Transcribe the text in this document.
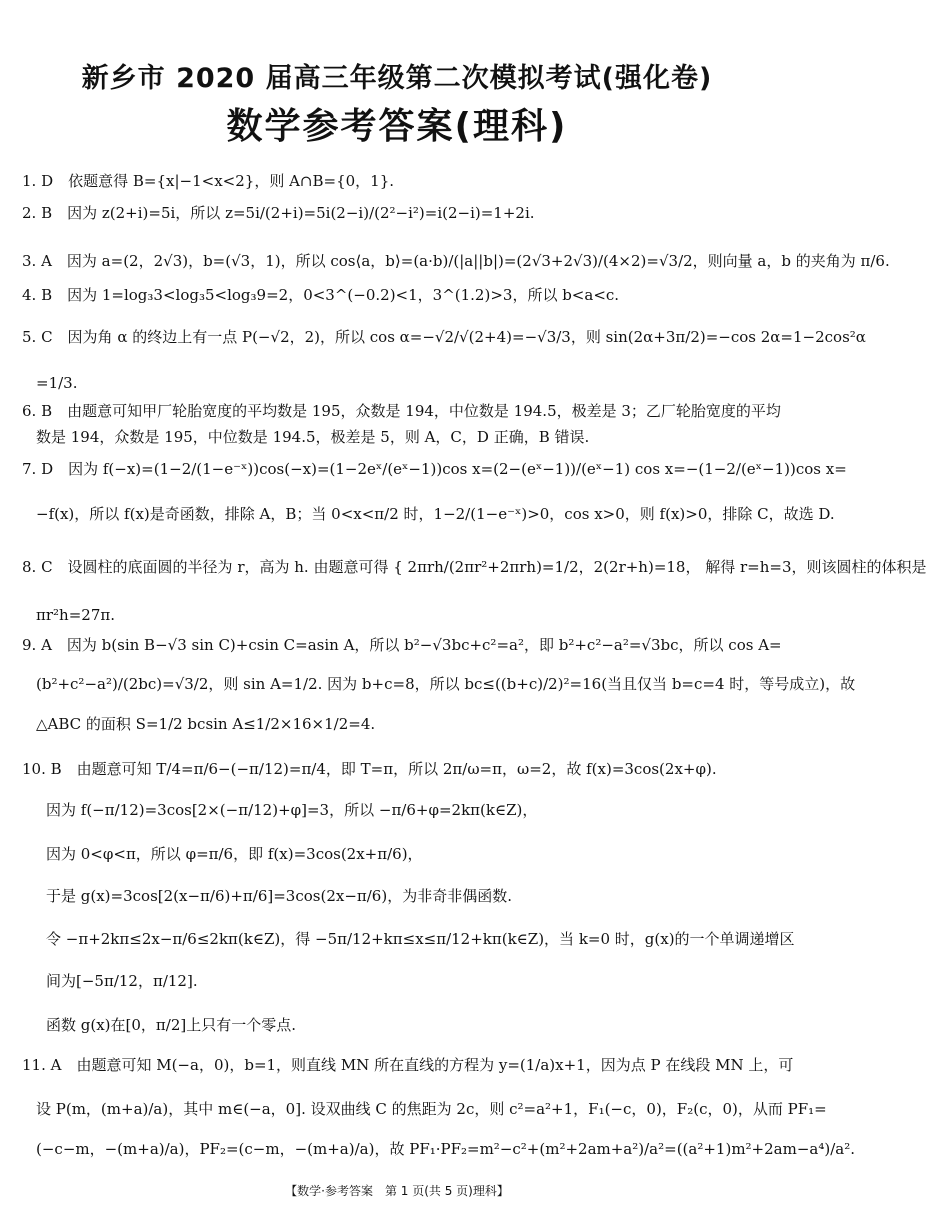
新乡市 2020 届高三年级第二次模拟考试(强化卷)
数学参考答案(理科)
1. D　依题意得 B={x|−1<x<2}，则 A∩B={0，1}.
2. B　因为 z(2+i)=5i，所以 z=5i/(2+i)=5i(2−i)/(2²−i²)=i(2−i)=1+2i.
3. A　因为 a=(2，2√3)，b=(√3，1)，所以 cos⟨a，b⟩=(a·b)/(|a||b|)=(2√3+2√3)/(4×2)=√3/2，则向量 a，b 的夹角为 π/6.
4. B　因为 1=log₃3<log₃5<log₃9=2，0<3^(−0.2)<1，3^(1.2)>3，所以 b<a<c.
5. C　因为角 α 的终边上有一点 P(−√2，2)，所以 cos α=−√2/√(2+4)=−√3/3，则 sin(2α+3π/2)=−cos 2α=1−2cos²α
=1/3.
6. B　由题意可知甲厂轮胎宽度的平均数是 195，众数是 194，中位数是 194.5，极差是 3；乙厂轮胎宽度的平均
数是 194，众数是 195，中位数是 194.5，极差是 5，则 A，C，D 正确，B 错误.
7. D　因为 f(−x)=(1−2/(1−e⁻ˣ))cos(−x)=(1−2eˣ/(eˣ−1))cos x=(2−(eˣ−1))/(eˣ−1) cos x=−(1−2/(eˣ−1))cos x=
−f(x)，所以 f(x)是奇函数，排除 A，B；当 0<x<π/2 时，1−2/(1−e⁻ˣ)>0，cos x>0，则 f(x)>0，排除 C，故选 D.
8. C　设圆柱的底面圆的半径为 r，高为 h. 由题意可得 { 2πrh/(2πr²+2πrh)=1/2，2(2r+h)=18， 解得 r=h=3，则该圆柱的体积是
πr²h=27π.
9. A　因为 b(sin B−√3 sin C)+csin C=asin A，所以 b²−√3bc+c²=a²，即 b²+c²−a²=√3bc，所以 cos A=
(b²+c²−a²)/(2bc)=√3/2，则 sin A=1/2. 因为 b+c=8，所以 bc≤((b+c)/2)²=16(当且仅当 b=c=4 时，等号成立)，故
△ABC 的面积 S=1/2 bcsin A≤1/2×16×1/2=4.
10. B　由题意可知 T/4=π/6−(−π/12)=π/4，即 T=π，所以 2π/ω=π，ω=2，故 f(x)=3cos(2x+φ).
因为 f(−π/12)=3cos[2×(−π/12)+φ]=3，所以 −π/6+φ=2kπ(k∈Z)，
因为 0<φ<π，所以 φ=π/6，即 f(x)=3cos(2x+π/6)，
于是 g(x)=3cos[2(x−π/6)+π/6]=3cos(2x−π/6)，为非奇非偶函数.
令 −π+2kπ≤2x−π/6≤2kπ(k∈Z)，得 −5π/12+kπ≤x≤π/12+kπ(k∈Z)，当 k=0 时，g(x)的一个单调递增区
间为[−5π/12，π/12].
函数 g(x)在[0，π/2]上只有一个零点.
11. A　由题意可知 M(−a，0)，b=1，则直线 MN 所在直线的方程为 y=(1/a)x+1，因为点 P 在线段 MN 上，可
设 P(m，(m+a)/a)，其中 m∈(−a，0]. 设双曲线 C 的焦距为 2c，则 c²=a²+1，F₁(−c，0)，F₂(c，0)，从而 PF₁=
(−c−m，−(m+a)/a)，PF₂=(c−m，−(m+a)/a)，故 PF₁·PF₂=m²−c²+(m²+2am+a²)/a²=((a²+1)m²+2am−a⁴)/a².
【数学·参考答案　第 1 页(共 5 页)理科】
